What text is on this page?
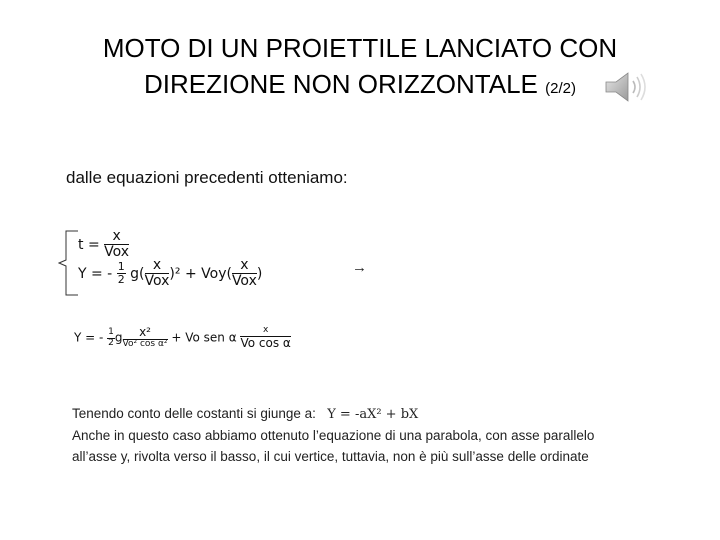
MOTO DI UN PROIETTILE LANCIATO CON
DIREZIONE NON ORIZZONTALE (2/2)
dalle equazioni precedenti otteniamo:
$t = \frac{x}{\text{Vox}}$
Y = - $\frac{1}{2} g( \frac{x}{\text{Vox}} )^2 + Voy( \frac{x}{\text{Vox}}$ )	→
Y = - $\frac{1}{2}$ g $\frac{\text{x²}}{\text{Vo² cos α²}} + Vo$ sen α $\frac{x}{\text{Vo cos α}}$
Tenendo conto delle costanti si giunge a: Y = -aX² + bX
Anche in questo caso abbiamo ottenuto l’equazione di una parabola, con asse parallelo
all’asse y, rivolta verso il basso, il cui vertice, tuttavia, non è più sull’asse delle ordinate
